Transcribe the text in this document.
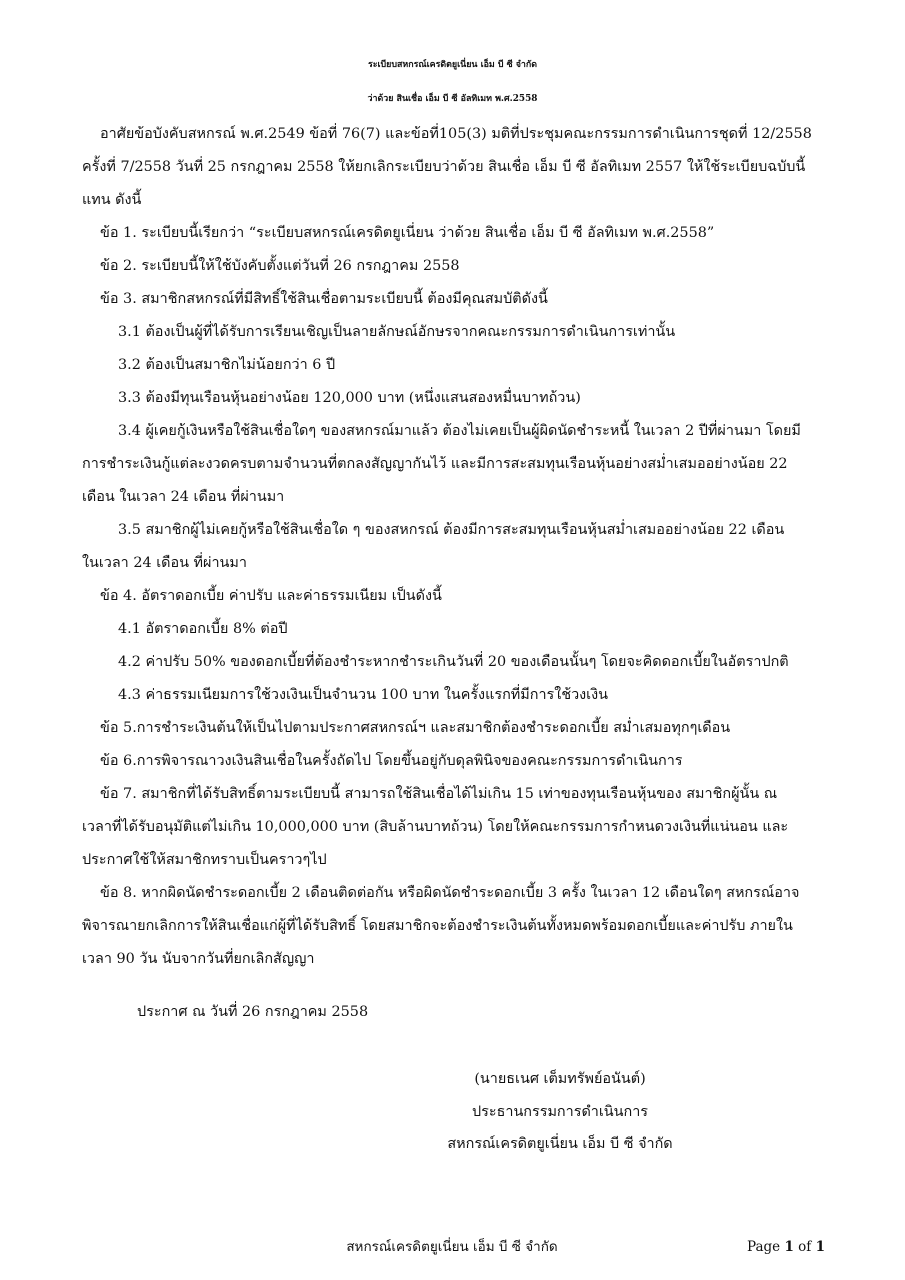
ระเบียบสหกรณ์เครดิตยูเนี่ยน เอ็ม บี ซี จำกัด
ว่าด้วย สินเชื่อ เอ็ม บี ซี อัลทิเมท พ.ศ.2558
อาศัยข้อบังคับสหกรณ์ พ.ศ.2549 ข้อที่ 76(7) และข้อที่105(3) มติที่ประชุมคณะกรรมการดำเนินการชุดที่ 12/2558
ครั้งที่ 7/2558 วันที่ 25 กรกฎาคม 2558 ให้ยกเลิกระเบียบว่าด้วย สินเชื่อ เอ็ม บี ซี อัลทิเมท 2557 ให้ใช้ระเบียบฉบับนี้
แทน ดังนี้
ข้อ 1. ระเบียบนี้เรียกว่า “ระเบียบสหกรณ์เครดิตยูเนี่ยน ว่าด้วย สินเชื่อ เอ็ม บี ซี อัลทิเมท พ.ศ.2558”
ข้อ 2. ระเบียบนี้ให้ใช้บังคับตั้งแต่วันที่ 26 กรกฎาคม 2558
ข้อ 3. สมาชิกสหกรณ์ที่มีสิทธิ์ใช้สินเชื่อตามระเบียบนี้ ต้องมีคุณสมบัติดังนี้
3.1 ต้องเป็นผู้ที่ได้รับการเรียนเชิญเป็นลายลักษณ์อักษรจากคณะกรรมการดำเนินการเท่านั้น
3.2 ต้องเป็นสมาชิกไม่น้อยกว่า 6 ปี
3.3 ต้องมีทุนเรือนหุ้นอย่างน้อย 120,000 บาท (หนึ่งแสนสองหมื่นบาทถ้วน)
3.4 ผู้เคยกู้เงินหรือใช้สินเชื่อใดๆ ของสหกรณ์มาแล้ว ต้องไม่เคยเป็นผู้ผิดนัดชำระหนี้ ในเวลา 2 ปีที่ผ่านมา โดยมี
การชำระเงินกู้แต่ละงวดครบตามจำนวนที่ตกลงสัญญากันไว้ และมีการสะสมทุนเรือนหุ้นอย่างสม่ำเสมออย่างน้อย 22
เดือน ในเวลา 24 เดือน ที่ผ่านมา
3.5 สมาชิกผู้ไม่เคยกู้หรือใช้สินเชื่อใด ๆ ของสหกรณ์ ต้องมีการสะสมทุนเรือนหุ้นสม่ำเสมออย่างน้อย 22 เดือน
ในเวลา 24 เดือน ที่ผ่านมา
ข้อ 4. อัตราดอกเบี้ย ค่าปรับ และค่าธรรมเนียม เป็นดังนี้
4.1 อัตราดอกเบี้ย 8% ต่อปี
4.2 ค่าปรับ 50% ของดอกเบี้ยที่ต้องชำระหากชำระเกินวันที่ 20 ของเดือนนั้นๆ โดยจะคิดดอกเบี้ยในอัตราปกติ
4.3 ค่าธรรมเนียมการใช้วงเงินเป็นจำนวน 100 บาท ในครั้งแรกที่มีการใช้วงเงิน
ข้อ 5.การชำระเงินต้นให้เป็นไปตามประกาศสหกรณ์ฯ และสมาชิกต้องชำระดอกเบี้ย สม่ำเสมอทุกๆเดือน
ข้อ 6.การพิจารณาวงเงินสินเชื่อในครั้งถัดไป โดยขึ้นอยู่กับดุลพินิจของคณะกรรมการดำเนินการ
ข้อ 7. สมาชิกที่ได้รับสิทธิ์ตามระเบียบนี้ สามารถใช้สินเชื่อได้ไม่เกิน 15 เท่าของทุนเรือนหุ้นของ สมาชิกผู้นั้น ณ
เวลาที่ได้รับอนุมัติแต่ไม่เกิน 10,000,000 บาท (สิบล้านบาทถ้วน) โดยให้คณะกรรมการกำหนดวงเงินที่แน่นอน และ
ประกาศใช้ให้สมาชิกทราบเป็นคราวๆไป
ข้อ 8. หากผิดนัดชำระดอกเบี้ย 2 เดือนติดต่อกัน หรือผิดนัดชำระดอกเบี้ย 3 ครั้ง ในเวลา 12 เดือนใดๆ สหกรณ์อาจ
พิจารณายกเลิกการให้สินเชื่อแก่ผู้ที่ได้รับสิทธิ์ โดยสมาชิกจะต้องชำระเงินต้นทั้งหมดพร้อมดอกเบี้ยและค่าปรับ ภายใน
เวลา 90 วัน นับจากวันที่ยกเลิกสัญญา
ประกาศ ณ วันที่ 26 กรกฎาคม 2558
(นายธเนศ เต็มทรัพย์อนันต์)
ประธานกรรมการดำเนินการ
สหกรณ์เครดิตยูเนี่ยน เอ็ม บี ซี จำกัด
สหกรณ์เครดิตยูเนี่ยน เอ็ม บี ซี จำกัด	Page 1 of 1
